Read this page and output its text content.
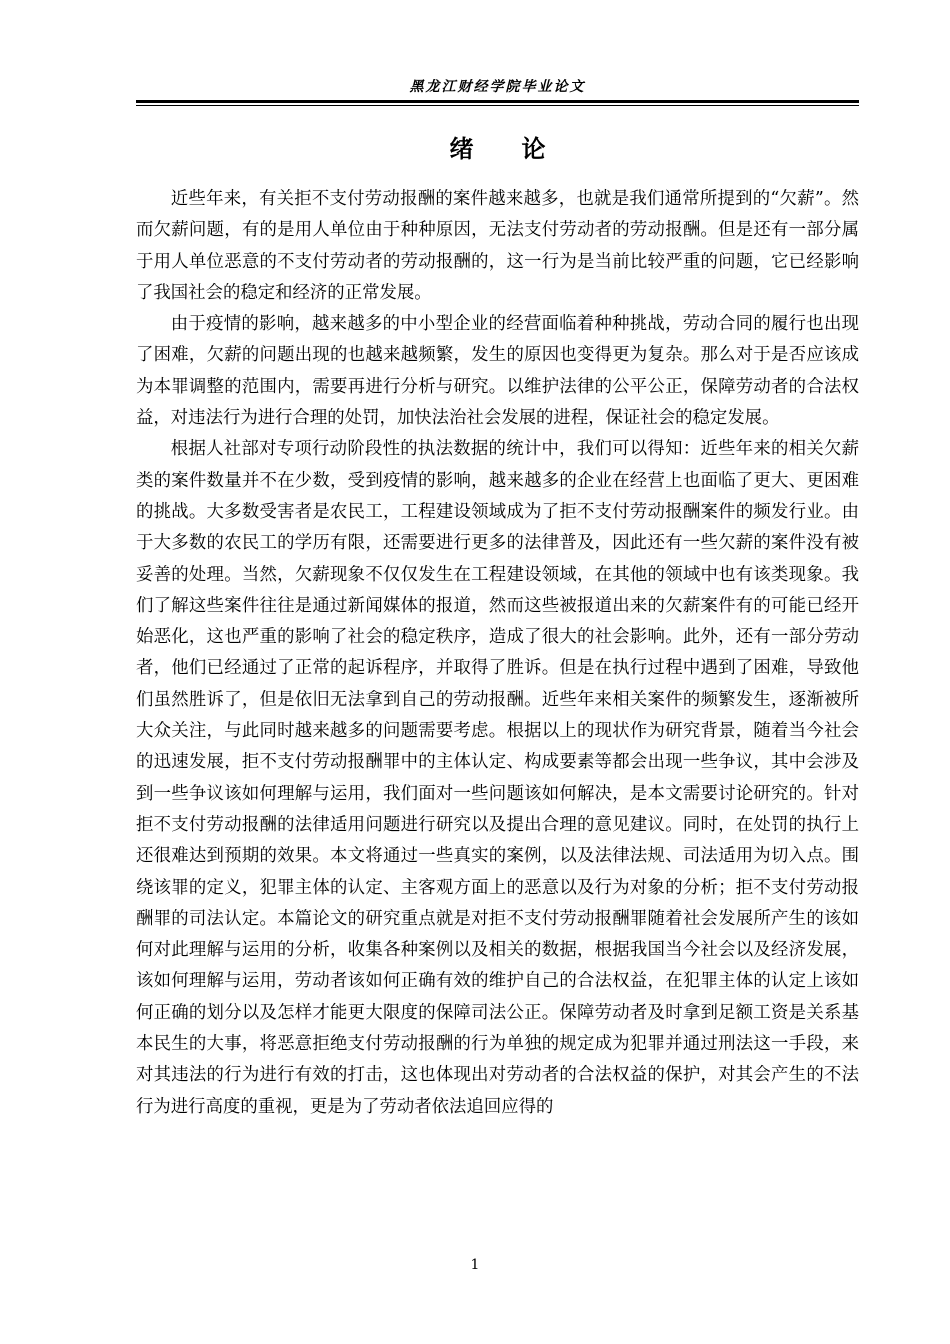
黑龙江财经学院毕业论文
绪 论

近些年来，有关拒不支付劳动报酬的案件越来越多，也就是我们通常所提到的“欠薪”。然而欠薪问题，有的是用人单位由于种种原因，无法支付劳动者的劳动报酬。但是还有一部分属于用人单位恶意的不支付劳动者的劳动报酬的，这一行为是当前比较严重的问题，它已经影响了我国社会的稳定和经济的正常发展。

由于疫情的影响，越来越多的中小型企业的经营面临着种种挑战，劳动合同的履行也出现了困难，欠薪的问题出现的也越来越频繁，发生的原因也变得更为复杂。那么对于是否应该成为本罪调整的范围内，需要再进行分析与研究。以维护法律的公平公正，保障劳动者的合法权益，对违法行为进行合理的处罚，加快法治社会发展的进程，保证社会的稳定发展。

根据人社部对专项行动阶段性的执法数据的统计中，我们可以得知：近些年来的相关欠薪类的案件数量并不在少数，受到疫情的影响，越来越多的企业在经营上也面临了更大、更困难的挑战。大多数受害者是农民工，工程建设领域成为了拒不支付劳动报酬案件的频发行业。由于大多数的农民工的学历有限，还需要进行更多的法律普及，因此还有一些欠薪的案件没有被妥善的处理。当然，欠薪现象不仅仅发生在工程建设领域，在其他的领域中也有该类现象。我们了解这些案件往往是通过新闻媒体的报道，然而这些被报道出来的欠薪案件有的可能已经开始恶化，这也严重的影响了社会的稳定秩序，造成了很大的社会影响。此外，还有一部分劳动者，他们已经通过了正常的起诉程序，并取得了胜诉。但是在执行过程中遇到了困难，导致他们虽然胜诉了，但是依旧无法拿到自己的劳动报酬。近些年来相关案件的频繁发生，逐渐被所大众关注，与此同时越来越多的问题需要考虑。根据以上的现状作为研究背景，随着当今社会的迅速发展，拒不支付劳动报酬罪中的主体认定、构成要素等都会出现一些争议，其中会涉及到一些争议该如何理解与运用，我们面对一些问题该如何解决，是本文需要讨论研究的。针对拒不支付劳动报酬的法律适用问题进行研究以及提出合理的意见建议。同时，在处罚的执行上还很难达到预期的效果。本文将通过一些真实的案例，以及法律法规、司法适用为切入点。围绕该罪的定义，犯罪主体的认定、主客观方面上的恶意以及行为对象的分析；拒不支付劳动报酬罪的司法认定。本篇论文的研究重点就是对拒不支付劳动报酬罪随着社会发展所产生的该如何对此理解与运用的分析，收集各种案例以及相关的数据，根据我国当今社会以及经济发展，该如何理解与运用，劳动者该如何正确有效的维护自己的合法权益，在犯罪主体的认定上该如何正确的划分以及怎样才能更大限度的保障司法公正。保障劳动者及时拿到足额工资是关系基本民生的大事，将恶意拒绝支付劳动报酬的行为单独的规定成为犯罪并通过刑法这一手段，来对其违法的行为进行有效的打击，这也体现出对劳动者的合法权益的保护，对其会产生的不法行为进行高度的重视，更是为了劳动者依法追回应得的

1
